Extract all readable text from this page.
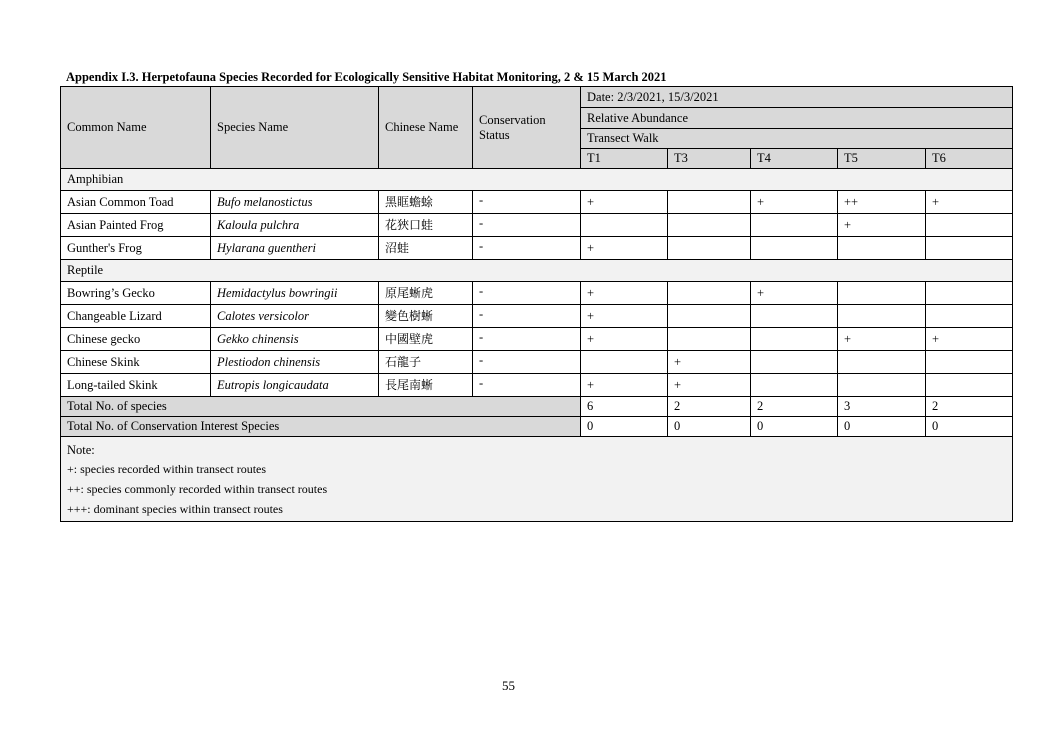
Appendix I.3. Herpetofauna Species Recorded for Ecologically Sensitive Habitat Monitoring, 2 & 15 March 2021
Common Name	Species Name	Chinese Name	Conservation Status	Date: 2/3/2021, 15/3/2021				
				Relative Abundance				
				Transect Walk				
				T1	T3	T4	T5	T6
Amphibian								
Asian Common Toad	Bufo melanostictus	黑眶蟾蜍	-	+		+	++	+
Asian Painted Frog	Kaloula pulchra	花狹口蛙	-				+	
Gunther's Frog	Hylarana guentheri	沼蛙	-	+				
Reptile								
Bowring’s Gecko	Hemidactylus bowringii	原尾蜥虎	-	+		+		
Changeable Lizard	Calotes versicolor	變色樹蜥	-	+				
Chinese gecko	Gekko chinensis	中國壁虎	-	+			+	+
Chinese Skink	Plestiodon chinensis	石龍子	-		+			
Long-tailed Skink	Eutropis longicaudata	長尾南蜥	-	+	+			
Total No. of species				6	2	2	3	2
Total No. of Conservation Interest Species				0	0	0	0	0

Note:
+: species recorded within transect routes
++: species commonly recorded within transect routes
+++: dominant species within transect routes								
55
